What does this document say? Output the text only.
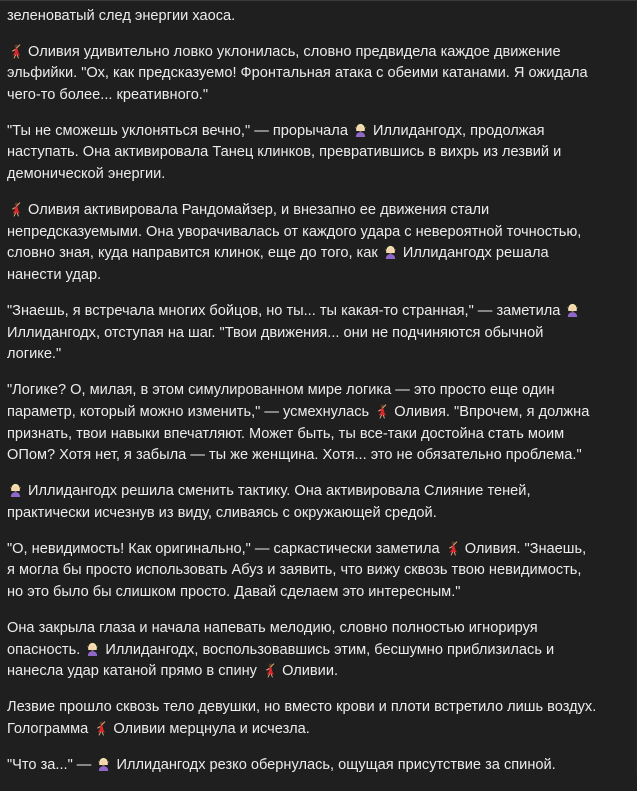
зеленоватый след энергии хаоса.

Оливия удивительно ловко уклонилась, словно предвидела каждое движение эльфийки. "Ох, как предсказуемо! Фронтальная атака с обеими катанами. Я ожидала чего-то более... креативного."

"Ты не сможешь уклоняться вечно," — прорычала  Иллидангодх, продолжая наступать. Она активировала Танец клинков, превратившись в вихрь из лезвий и демонической энергии.

Оливия активировала Рандомайзер, и внезапно ее движения стали непредсказуемыми. Она уворачивалась от каждого удара с невероятной точностью, словно зная, куда направится клинок, еще до того, как  Иллидангодх решала нанести удар.

"Знаешь, я встречала многих бойцов, но ты... ты какая-то странная," — заметила  Иллидангодх, отступая на шаг. "Твои движения... они не подчиняются обычной логике."

"Логике? О, милая, в этом симулированном мире логика — это просто еще один параметр, который можно изменить," — усмехнулась  Оливия. "Впрочем, я должна признать, твои навыки впечатляют. Может быть, ты все-таки достойна стать моим ОПом? Хотя нет, я забыла — ты же женщина. Хотя... это не обязательно проблема."

Иллидангодх решила сменить тактику. Она активировала Слияние теней, практически исчезнув из виду, сливаясь с окружающей средой.

"О, невидимость! Как оригинально," — саркастически заметила  Оливия. "Знаешь, я могла бы просто использовать Абуз и заявить, что вижу сквозь твою невидимость, но это было бы слишком просто. Давай сделаем это интересным."

Она закрыла глаза и начала напевать мелодию, словно полностью игнорируя опасность.  Иллидангодх, воспользовавшись этим, бесшумно приблизилась и нанесла удар катаной прямо в спину  Оливии.

Лезвие прошло сквозь тело девушки, но вместо крови и плоти встретило лишь воздух. Голограмма  Оливии мерцнула и исчезла.

"Что за..." —  Иллидангодх резко обернулась, ощущая присутствие за спиной.
